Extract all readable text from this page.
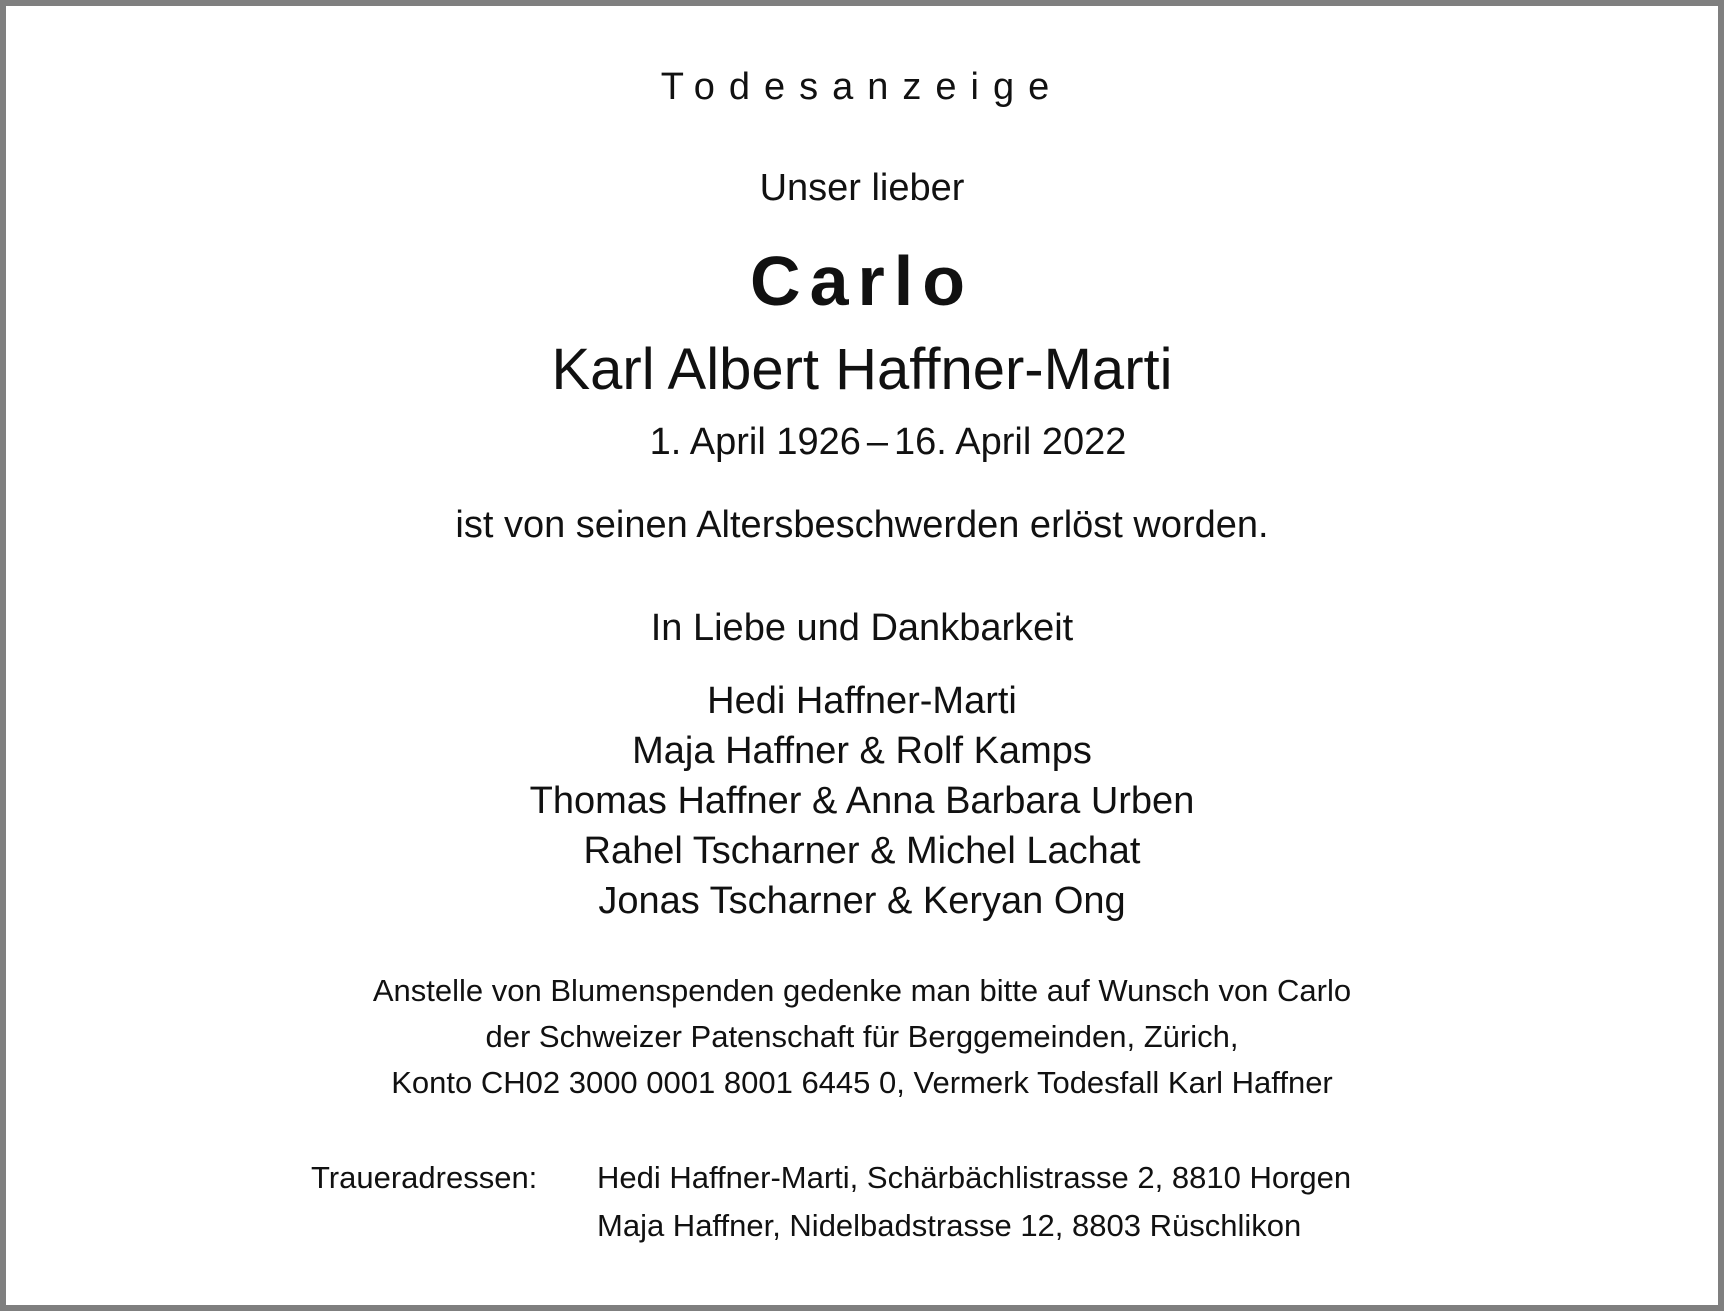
Todesanzeige
Unser lieber
Carlo
Karl Albert Haffner-Marti
1. April 1926 – 16. April 2022
ist von seinen Altersbeschwerden erlöst worden.
In Liebe und Dankbarkeit
Hedi Haffner-Marti
Maja Haffner & Rolf Kamps
Thomas Haffner & Anna Barbara Urben
Rahel Tscharner & Michel Lachat
Jonas Tscharner & Keryan Ong
Anstelle von Blumenspenden gedenke man bitte auf Wunsch von Carlo
der Schweizer Patenschaft für Berggemeinden, Zürich,
Konto CH02 3000 0001 8001 6445 0, Vermerk Todesfall Karl Haffner
Traueradressen: Hedi Haffner-Marti, Schärbächlistrasse 2, 8810 Horgen
Maja Haffner, Nidelbadstrasse 12, 8803 Rüschlikon
